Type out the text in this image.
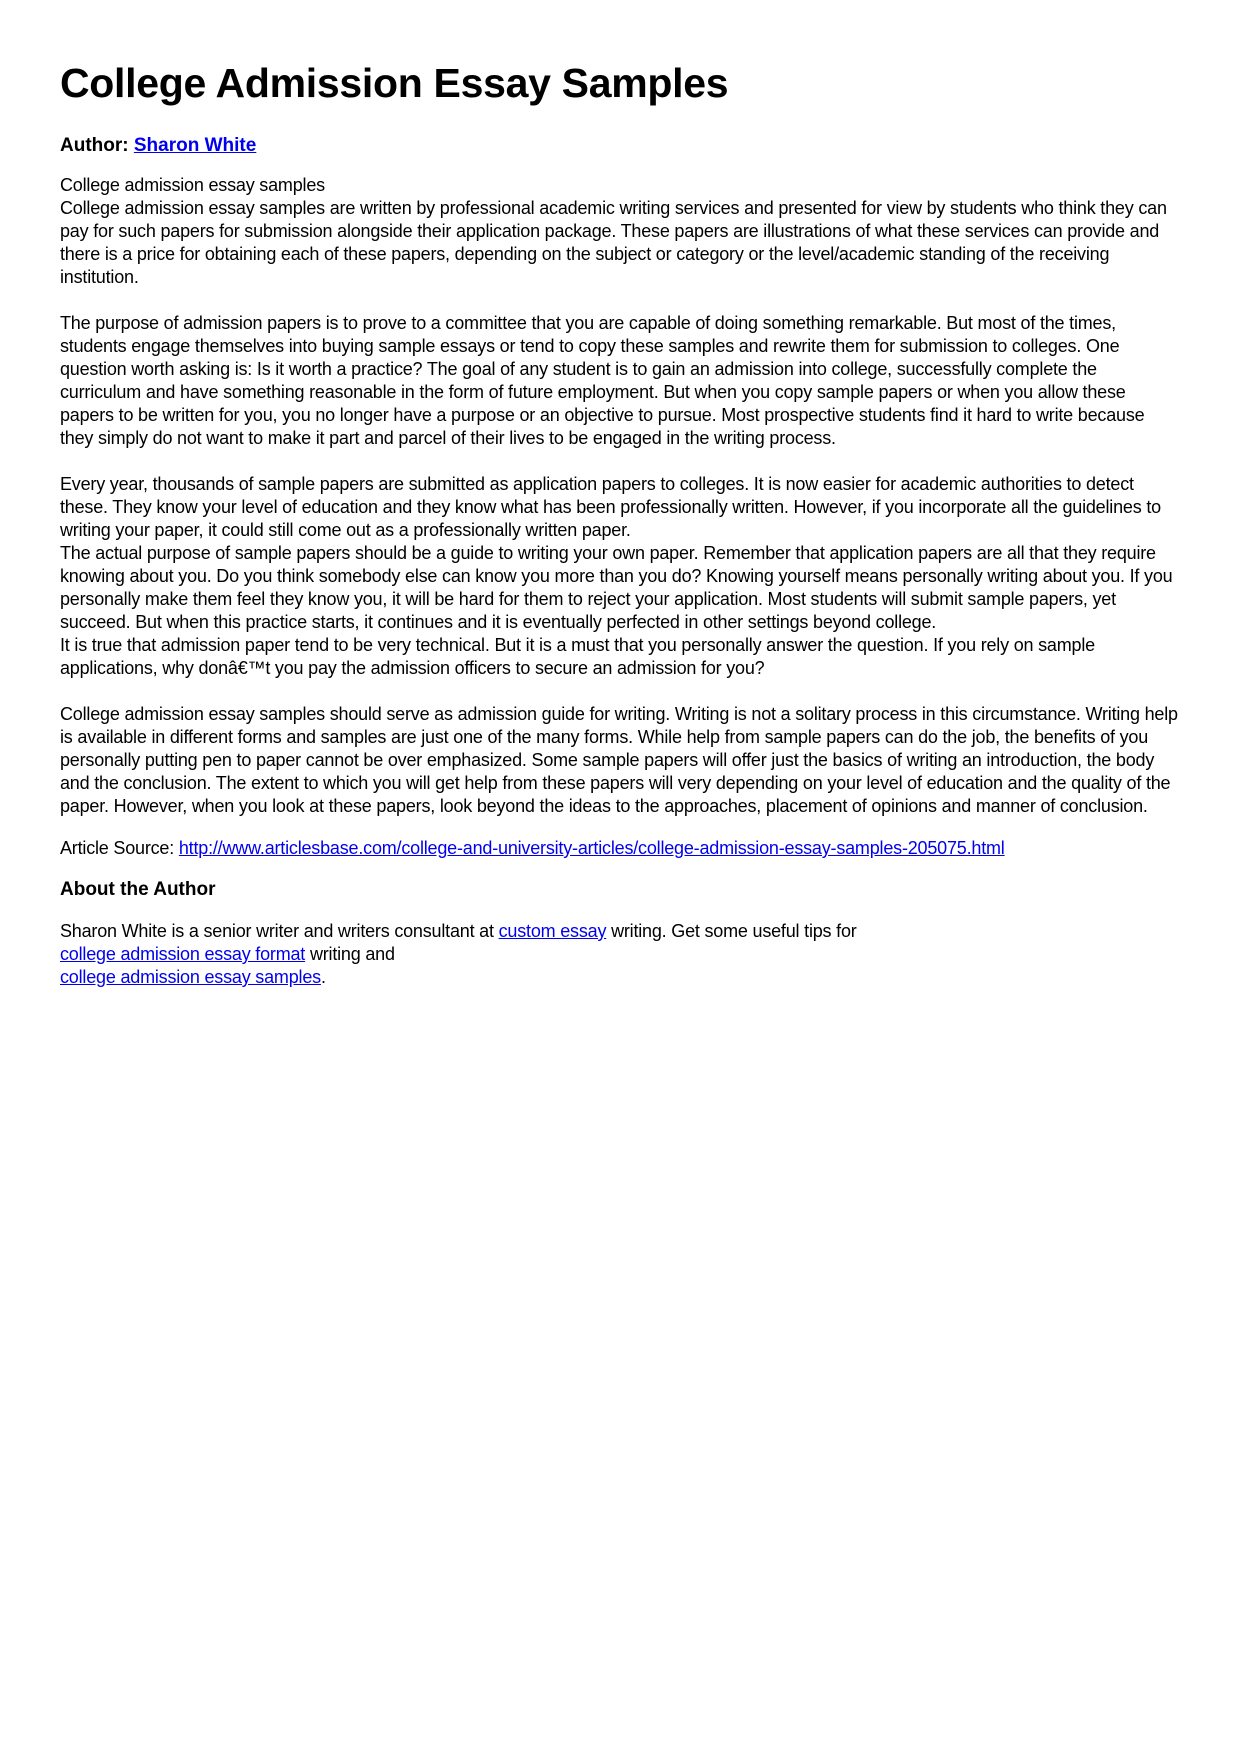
College Admission Essay Samples

Author: Sharon White

College admission essay samples
College admission essay samples are written by professional academic writing services and presented for view by students who think they can pay for such papers for submission alongside their application package. These papers are illustrations of what these services can provide and there is a price for obtaining each of these papers, depending on the subject or category or the level/academic standing of the receiving institution.

The purpose of admission papers is to prove to a committee that you are capable of doing something remarkable. But most of the times, students engage themselves into buying sample essays or tend to copy these samples and rewrite them for submission to colleges. One question worth asking is: Is it worth a practice? The goal of any student is to gain an admission into college, successfully complete the curriculum and have something reasonable in the form of future employment. But when you copy sample papers or when you allow these papers to be written for you, you no longer have a purpose or an objective to pursue. Most prospective students find it hard to write because they simply do not want to make it part and parcel of their lives to be engaged in the writing process.

Every year, thousands of sample papers are submitted as application papers to colleges. It is now easier for academic authorities to detect these. They know your level of education and they know what has been professionally written. However, if you incorporate all the guidelines to writing your paper, it could still come out as a professionally written paper.
The actual purpose of sample papers should be a guide to writing your own paper. Remember that application papers are all that they require knowing about you. Do you think somebody else can know you more than you do? Knowing yourself means personally writing about you. If you personally make them feel they know you, it will be hard for them to reject your application. Most students will submit sample papers, yet succeed. But when this practice starts, it continues and it is eventually perfected in other settings beyond college.
It is true that admission paper tend to be very technical. But it is a must that you personally answer the question. If you rely on sample applications, why donâ€™t you pay the admission officers to secure an admission for you?

College admission essay samples should serve as admission guide for writing. Writing is not a solitary process in this circumstance. Writing help is available in different forms and samples are just one of the many forms. While help from sample papers can do the job, the benefits of you personally putting pen to paper cannot be over emphasized. Some sample papers will offer just the basics of writing an introduction, the body and the conclusion. The extent to which you will get help from these papers will very depending on your level of education and the quality of the paper. However, when you look at these papers, look beyond the ideas to the approaches, placement of opinions and manner of conclusion.

Article Source: http://www.articlesbase.com/college-and-university-articles/college-admission-essay-samples-205075.html

About the Author
Sharon White is a senior writer and writers consultant at custom essay writing. Get some useful tips for
college admission essay format writing and
college admission essay samples.
